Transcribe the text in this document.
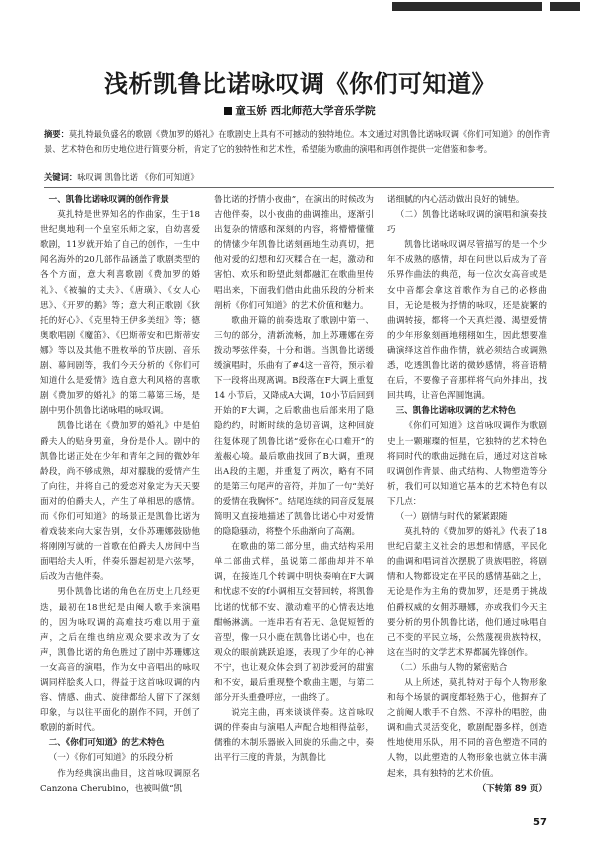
浅析凯鲁比诺咏叹调《你们可知道》
童玉娇 西北师范大学音乐学院
摘要：莫扎特最负盛名的歌剧《费加罗的婚礼》在歌剧史上具有不可撼动的独特地位。本文通过对凯鲁比诺咏叹调《你们可知道》的创作背景、艺术特色和历史地位进行简要分析，肯定了它的独特性和艺术性，希望能为歌曲的演唱和再创作提供一定借鉴和参考。
关键词：咏叹调 凯鲁比诺 《你们可知道》
一、凯鲁比诺咏叹调的创作背景

莫扎特是世界知名的作曲家，生于18世纪奥地利一个皇室乐师之家，自幼喜爱歌剧，11岁就开始了自己的创作，一生中闻名海外的20几部作品涵盖了歌剧类型的各个方面，意大利喜歌剧《费加罗的婚礼》、《被骗的丈夫》、《唐璜》、《女人心思》、《开罗的鹅》等；意大利正歌剧《狄托的好心》、《克里特王伊多美纽》等；德奥歌唱剧《魔笛》、《巴斯蒂安和巴斯蒂安娜》等以及其他不胜枚举的节庆剧、音乐剧、幕间剧等，我们今天分析的《你们可知道什么是爱情》选自意大利风格的喜歌剧《费加罗的婚礼》的第二幕第三场，是剧中男仆凯鲁比诺咏唱的咏叹调。

凯鲁比诺在《费加罗的婚礼》中是伯爵夫人的贴身男童，身份是仆人。剧中的凯鲁比诺正处在少年和青年之间的微妙年龄段，尚不够成熟，却对朦胧的爱情产生了向往，并将自己的爱恋对象定为天天要面对的伯爵夫人，产生了单相思的感情。而《你们可知道》的场景正是凯鲁比诺为着戏装来向大家告别，女仆苏珊娜鼓励他将刚刚写就的一首歌在伯爵夫人房间中当面唱给夫人听，伴奏乐器起初是六弦琴，后改为吉他伴奏。

男仆凯鲁比诺的角色在历史上几经更迭，最初在18世纪是由阉人歌手来演唱的，因为咏叹调的高难技巧难以用于童声，之后在维也纳应观众要求改为了女声，凯鲁比诺的角色胜过了剧中苏珊娜这一女高音的演唱，作为女中音唱出的咏叹调同样脍炙人口，得益于这首咏叹调的内容、情感、曲式、旋律都给人留下了深刻印象，与以往平面化的剧作不同，开创了歌剧的新时代。

二、《你们可知道》的艺术特色
（一）《你们可知道》的乐段分析

作为经典演出曲目，这首咏叹调原名 Canzona Cherubino，也被叫做“凯

鲁比诺的抒情小夜曲”，在演出的时候改为吉他伴奏，以小夜曲的曲调推出，逐渐引出复杂的情感和深刻的内容，将懵懵懂懂的情愫少年凯鲁比诺刻画地生动真切，把他对爱的幻想和幻灭糅合在一起，激动和害怕、欢乐和盼望此刻都融汇在歌曲里传唱出来，下面我们借由此曲乐段的分析来剖析《你们可知道》的艺术价值和魅力。

歌曲开篇的前奏选取了歌剧中第一、三句的部分，清新流畅，加上苏珊娜在旁拨动琴弦伴奏，十分和谐。当凯鲁比诺缓缓演唱时，乐曲有了#4这一音符，预示着下一段将出现离调。B段落在F大调上重复 14 小节后，又降成A大调，10小节后回到开始的F大调，之后歌曲也后部来用了隐隐约约，时断时续的急切音调，这种回旋往复体现了凯鲁比诺“爱你在心口难开”的羞赧心境。最后歌曲找回了B大调，重现出A段的主题，并重复了两次，略有不同的是第三句尾声的音符，并加了一句“美好的爱情在我胸怀”。结尾连续的同音反复展简明又直接地描述了凯鲁比诺心中对爱情的隐隐骚动，将整个乐曲渐向了高潮。

在歌曲的第二部分里，曲式结构采用单二部曲式样，虽说第二部曲却并不单调，在接连几个转调中明快奏响在F大调和忧虑不安的f小调相互交替回转，将凯鲁比诺的忧郁不安、激动难平的心情表达地酣畅淋漓。一连串若有若无、急促短暂的音型，像一只小鹿在凯鲁比诺心中，也在观众的眼前跳跃追逐，表现了少年的心神不宁，也让观众体会到了初涉爱河的甜蜜和不安，最后重现整个歌曲主题，与第二部分开头重叠呼应，一曲终了。

说完主曲，再来谈谈伴奏。这首咏叹调的伴奏由与演唱人声配合地相得益彰，儒雅的木制乐器嵌入回旋的乐曲之中，奏出平行三度的背景，为凯鲁比

诺细腻的内心活动做出良好的铺垫。

（二）凯鲁比诺咏叹调的演唱和演奏技巧

凯鲁比诺咏叹调尽管描写的是一个少年不成熟的感情，却在问世以后成为了音乐界作曲法的典范，每一位次女高音或是女中音都会拿这首歌作为自己的必修曲目，无论是极为抒情的咏叹，还是旋繁的曲调转接，都将一个天真烂漫、渴望爱情的少年形象刻画地栩栩如生，因此想要准确演绎这首作曲作情，就必须结合或调熟悉，吃透凯鲁比诺的微妙感情，将音语精在后，不要像子音那样将气向外排出，找回共鸣，让音色浑圆饱满。

三、凯鲁比诺咏叹调的艺术特色

《你们可知道》这首咏叹调作为歌剧史上一颗璀璨的恒星，它独特的艺术特色将同时代的歌曲远抛在后，通过对这首咏叹调创作背景、曲式结构、人物塑造等分析，我们可以知道它基本的艺术特色有以下几点：

（一）剧情与时代的紧紧跟随

莫扎特的《费加罗的婚礼》代表了18世纪启蒙主义社会的思想和情感，平民化的曲调和唱词首次摆脱了贵族唱腔，将剧情和人物都设定在平民的感情基础之上，无论是作为主角的费加罗，还是勇于挑战伯爵权威的女佣苏珊娜，亦或我们今天主要分析的男仆凯鲁比诺，他们通过咏唱自己不变的平民立场，公然蔑视贵族特权，这在当时的文学艺术界都属先锋创作。

（二）乐曲与人物的紧密贴合

从上所述，莫扎特对于每个人物形象和每个场景的调度都轻熟于心，他摒弃了之前阉人歌手不自然、不淳朴的唱腔，曲调和曲式灵活变化，歌剧配器多样，创造性地使用乐队，用不同的音色塑造不同的人物，以此塑造的人物形象也就立体丰满起来，具有独特的艺术价值。

（下转第 89 页）
57
